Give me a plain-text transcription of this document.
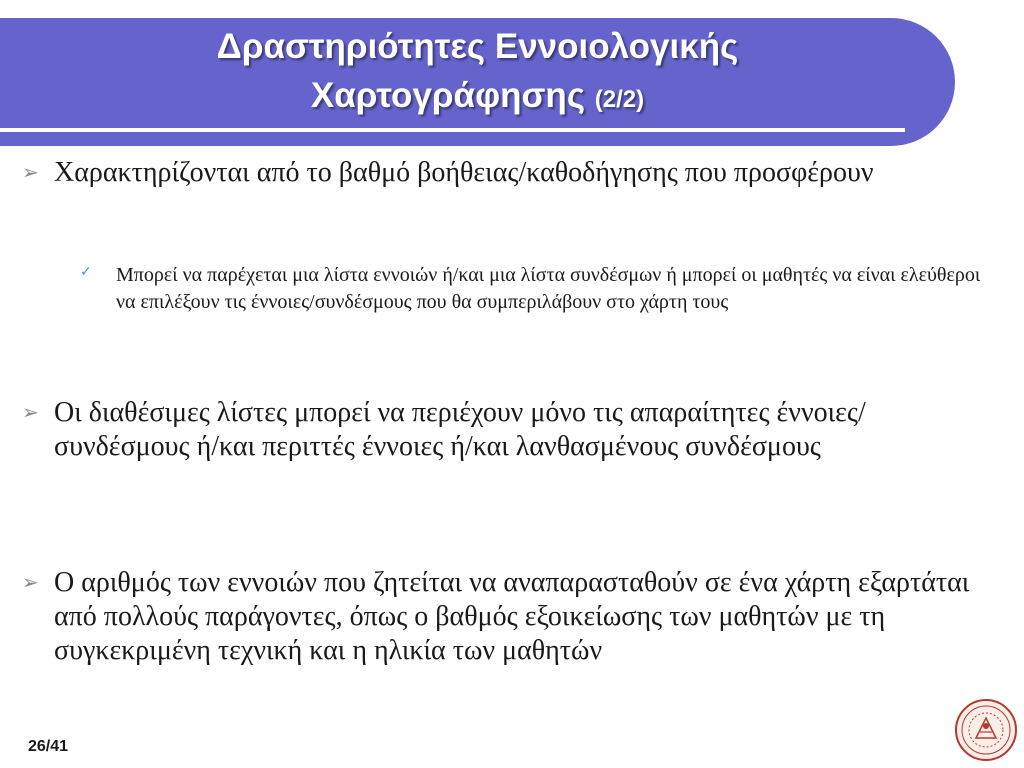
Δραστηριότητες Εννοιολογικής
Χαρτογράφησης (2/2)
➢ Χαρακτηρίζονται από το βαθμό βοήθειας/καθοδήγησης που προσφέρουν
✓ Μπορεί να παρέχεται μια λίστα εννοιών ή/και μια λίστα συνδέσμων ή μπορεί οι μαθητές να είναι ελεύθεροι να επιλέξουν τις έννοιες/συνδέσμους που θα συμπεριλάβουν στο χάρτη τους
➢ Οι διαθέσιμες λίστες μπορεί να περιέχουν μόνο τις απαραίτητες έννοιες/συνδέσμους ή/και περιττές έννοιες ή/και λανθασμένους συνδέσμους
➢ Ο αριθμός των εννοιών που ζητείται να αναπαρασταθούν σε ένα χάρτη εξαρτάται από πολλούς παράγοντες, όπως ο βαθμός εξοικείωσης των μαθητών με τη συγκεκριμένη τεχνική και η ηλικία των μαθητών
26/41
